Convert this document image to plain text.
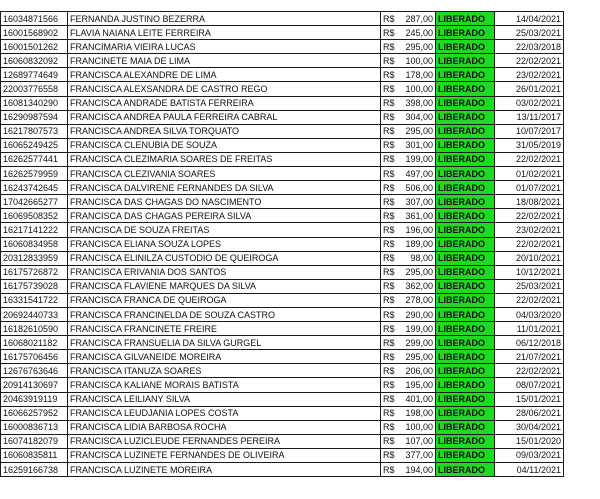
16034871566	FERNANDA JUSTINO BEZERRA	R$	287,00	LIBERADO	14/04/2021
16001568902	FLAVIA NAIANA LEITE FERREIRA	R$	245,00	LIBERADO	25/03/2021
16001501262	FRANCIMARIA VIEIRA LUCAS	R$	295,00	LIBERADO	22/03/2018
16060832092	FRANCINETE MAIA DE LIMA	R$	100,00	LIBERADO	22/02/2021
12689774649	FRANCISCA ALEXANDRE DE LIMA	R$	178,00	LIBERADO	23/02/2021
22003776558	FRANCISCA ALEXSANDRA DE CASTRO REGO	R$	100,00	LIBERADO	26/01/2021
16081340290	FRANCISCA ANDRADE BATISTA FERREIRA	R$	398,00	LIBERADO	03/02/2021
16290987594	FRANCISCA ANDREA PAULA FERREIRA CABRAL	R$	304,00	LIBERADO	13/11/2017
16217807573	FRANCISCA ANDREA SILVA TORQUATO	R$	295,00	LIBERADO	10/07/2017
16065249425	FRANCISCA CLENUBIA DE SOUZA	R$	301,00	LIBERADO	31/05/2019
16262577441	FRANCISCA CLEZIMARIA SOARES DE FREITAS	R$	199,00	LIBERADO	22/02/2021
16262579959	FRANCISCA CLEZIVANIA SOARES	R$	497,00	LIBERADO	01/02/2021
16243742645	FRANCISCA DALVIRENE FERNANDES DA SILVA	R$	506,00	LIBERADO	01/07/2021
17042665277	FRANCISCA DAS CHAGAS DO NASCIMENTO	R$	307,00	LIBERADO	18/08/2021
16069508352	FRANCISCA DAS CHAGAS PEREIRA SILVA	R$	361,00	LIBERADO	22/02/2021
16217141222	FRANCISCA DE SOUZA FREITAS	R$	196,00	LIBERADO	23/02/2021
16060834958	FRANCISCA ELIANA SOUZA LOPES	R$	189,00	LIBERADO	22/02/2021
20312833959	FRANCISCA ELINILZA CUSTODIO DE QUEIROGA	R$	98,00	LIBERADO	20/10/2021
16175726872	FRANCISCA ERIVANIA DOS SANTOS	R$	295,00	LIBERADO	10/12/2021
16175739028	FRANCISCA FLAVIENE MARQUES DA SILVA	R$	362,00	LIBERADO	25/03/2021
16331541722	FRANCISCA FRANCA DE QUEIROGA	R$	278,00	LIBERADO	22/02/2021
20692440733	FRANCISCA FRANCINELDA DE SOUZA CASTRO	R$	290,00	LIBERADO	04/03/2020
16182610590	FRANCISCA FRANCINETE FREIRE	R$	199,00	LIBERADO	11/01/2021
16068021182	FRANCISCA FRANSUELIA DA SILVA GURGEL	R$	299,00	LIBERADO	06/12/2018
16175706456	FRANCISCA GILVANEIDE MOREIRA	R$	295,00	LIBERADO	21/07/2021
12676763646	FRANCISCA ITANUZA SOARES	R$	206,00	LIBERADO	22/02/2021
20914130697	FRANCISCA KALIANE MORAIS BATISTA	R$	195,00	LIBERADO	08/07/2021
20463919119	FRANCISCA LEILIANY SILVA	R$	401,00	LIBERADO	15/01/2021
16066257952	FRANCISCA LEUDJANIA LOPES COSTA	R$	198,00	LIBERADO	28/06/2021
16000836713	FRANCISCA LIDIA BARBOSA ROCHA	R$	100,00	LIBERADO	30/04/2021
16074182079	FRANCISCA LUZICLEUDE FERNANDES PEREIRA	R$	107,00	LIBERADO	15/01/2020
16060835811	FRANCISCA LUZINETE FERNANDES DE OLIVEIRA	R$	377,00	LIBERADO	09/03/2021
16259166738	FRANCISCA LUZINETE MOREIRA	R$	194,00	LIBERADO	04/11/2021
